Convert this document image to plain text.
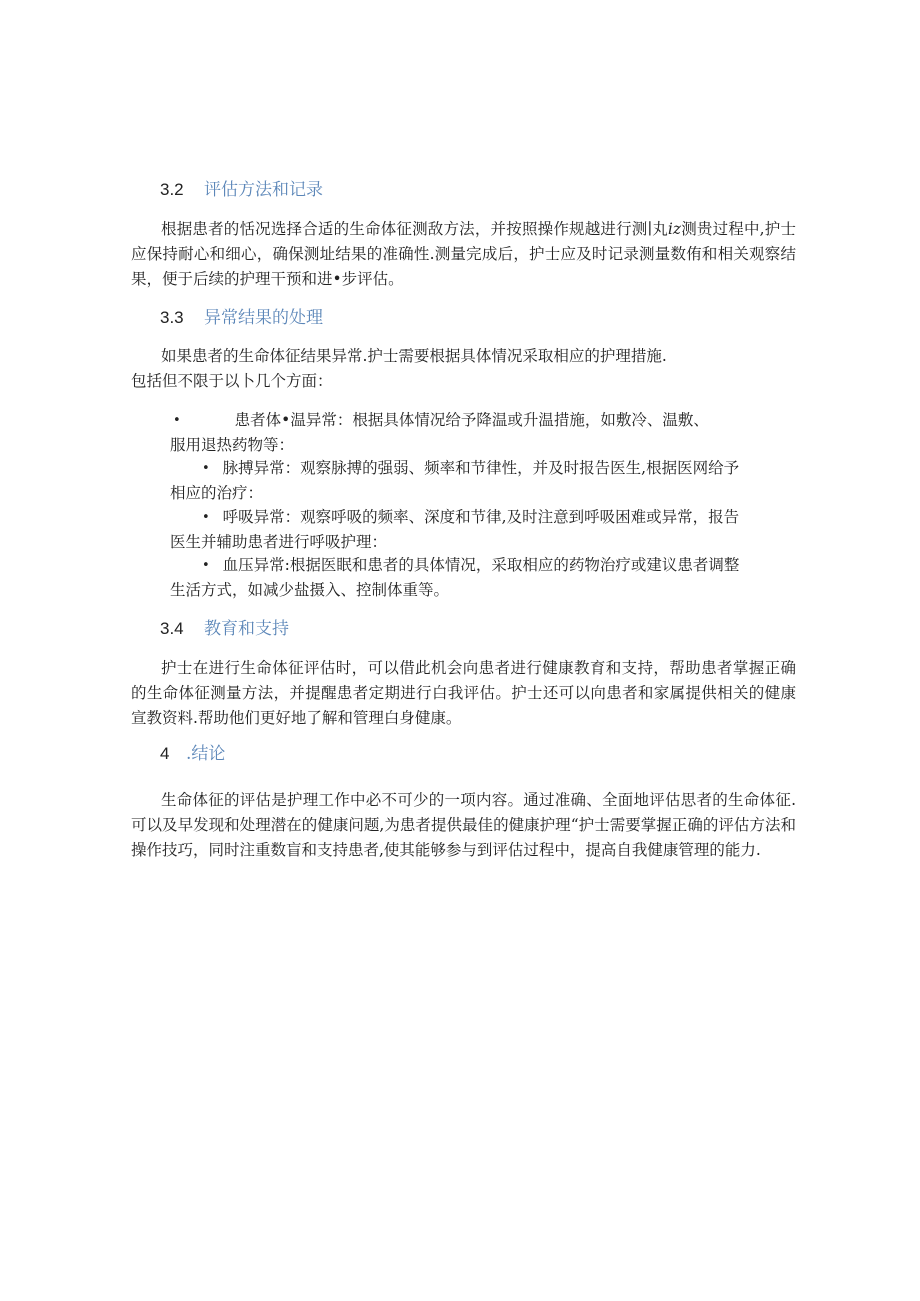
3.2 评估方法和记录

根据患者的恬况选择合适的生命体征测敌方法，并按照操作规越进行测∣丸𝑖𝑧测贵过程中,护士应保持耐心和细心，确保测址结果的准确性.测量完成后，护士应及时记录测量数侑和相关观察结果，便于后续的护理干预和进•步评估。

3.3 异常结果的处理

如果患者的生命体征结果异常.护士需要根据具体情况采取相应的护理措施.
包括但不限于以卜几个方面：

•	患者体•温异常：根据具体情况给予降温或升温措施，如敷冷、温敷、
服用退热药物等：
• 脉搏异常：观察脉搏的强弱、频率和节律性，并及时报告医生,根据医网给予
相应的治疗：
• 呼吸异常：观察呼吸的频率、深度和节律,及时注意到呼吸困难或异常，报告
医生并辅助患者进行呼吸护理：
• 血压异常:根据医眠和患者的具体情况，采取相应的药物治疗或建议患者调整
生活方式，如减少盐摄入、控制体重等。
3.4 教育和支持

护士在进行生命体征评估时，可以借此机会向患者进行健康教育和支持，帮助患者掌握正确的生命体征测量方法，并提醒患者定期进行白我评估。护士还可以向患者和家属提供相关的健康宣教资料.帮助他们更好地了解和管理白身健康。

4 .结论

生命体征的评估是护理工作中必不可少的一项内容。通过准确、全面地评估思者的生命体征.可以及早发现和处理潜在的健康问题,为患者提供最佳的健康护理“护士需要掌握正确的评估方法和操作技巧，同时注重数盲和支持患者,使其能够参与到评估过程中，提高自我健康管理的能力.
